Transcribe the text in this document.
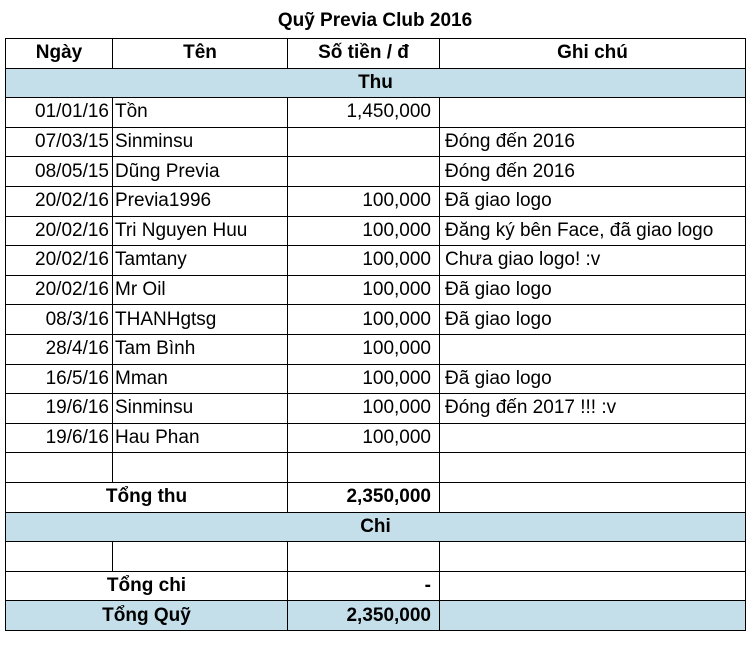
Quỹ Previa Club 2016
Ngày	Tên	Số tiền / đ	Ghi chú
Thu			
01/01/16	Tồn	1,450,000	
07/03/15	Sinminsu		Đóng đến 2016
08/05/15	Dũng Previa		Đóng đến 2016
20/02/16	Previa1996	100,000	Đã giao logo
20/02/16	Tri Nguyen Huu	100,000	Đăng ký bên Face, đã giao logo
20/02/16	Tamtany	100,000	Chưa giao logo! :v
20/02/16	Mr Oil	100,000	Đã giao logo
08/3/16	THANHgtsg	100,000	Đã giao logo
28/4/16	Tam Bình	100,000	
16/5/16	Mman	100,000	Đã giao logo
19/6/16	Sinminsu	100,000	Đóng đến 2017 !!! :v
19/6/16	Hau Phan	100,000	

Tổng thu		2,350,000	
Chi			

Tổng chi		-	
Tổng Quỹ		2,350,000	
